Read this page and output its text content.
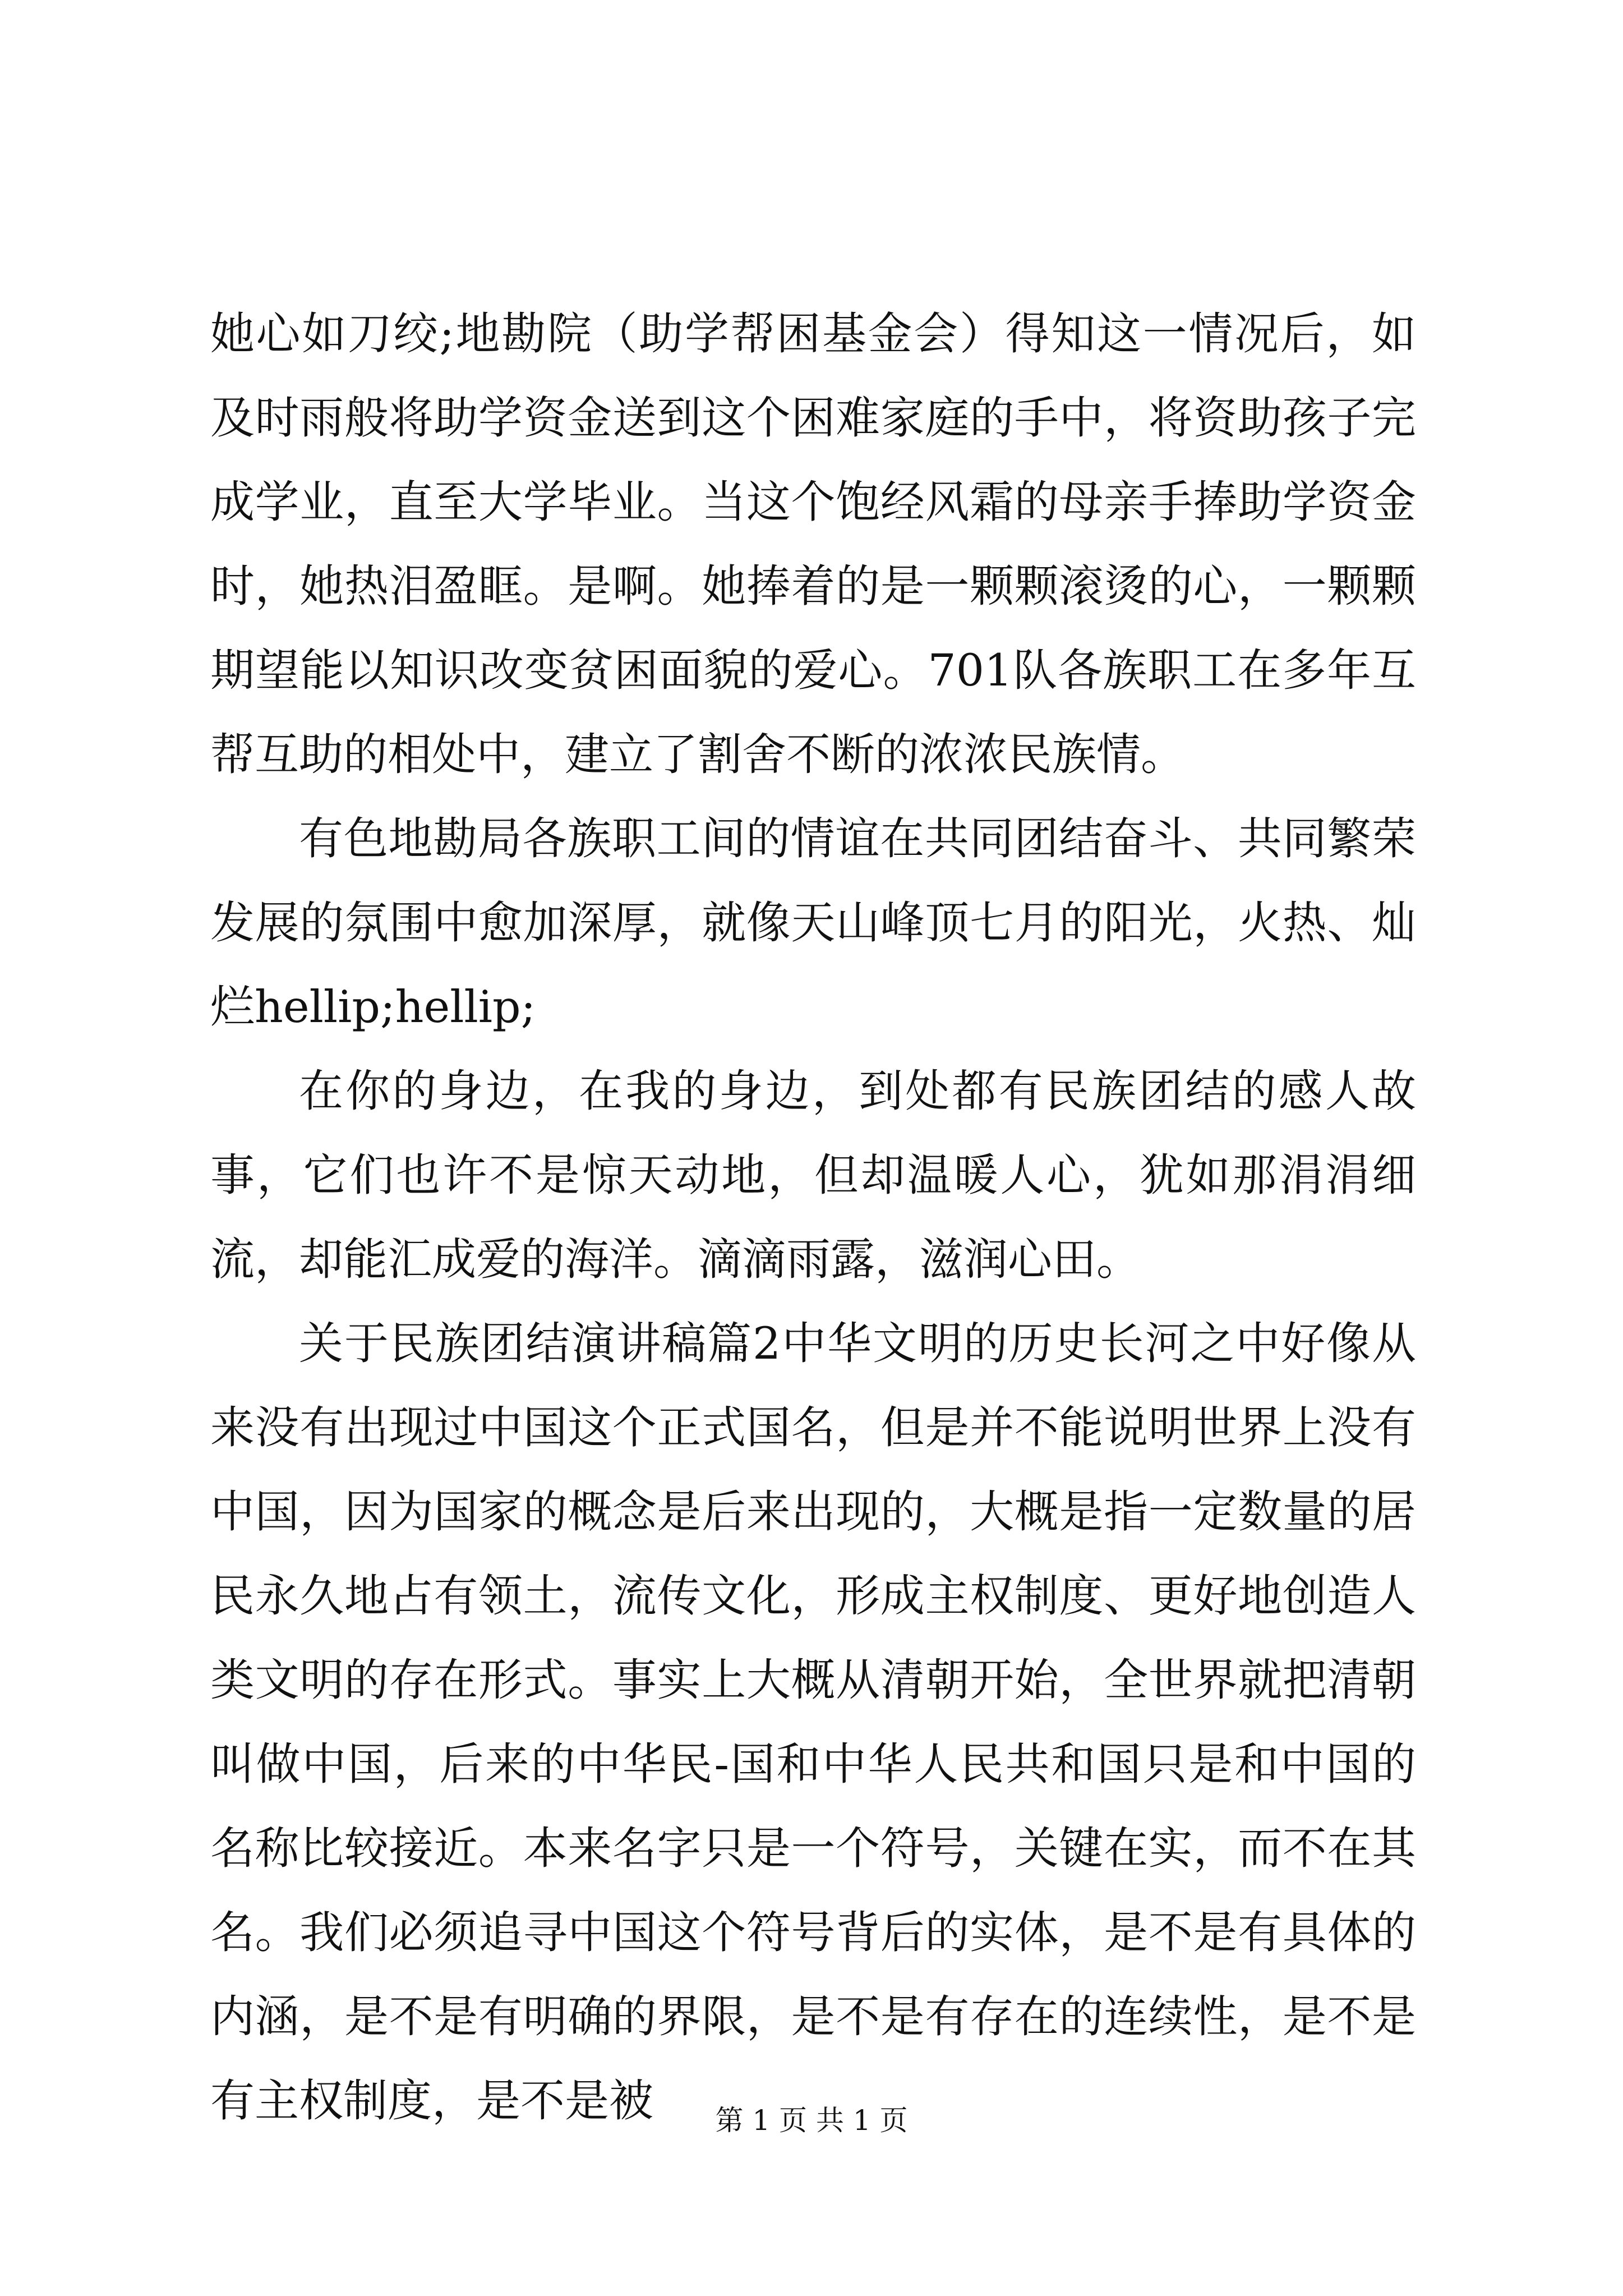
她心如刀绞;地勘院（助学帮困基金会）得知这一情况后，如及时雨般将助学资金送到这个困难家庭的手中，将资助孩子完成学业，直至大学毕业。当这个饱经风霜的母亲手捧助学资金时，她热泪盈眶。是啊。她捧着的是一颗颗滚烫的心，一颗颗期望能以知识改变贫困面貌的爱心。701队各族职工在多年互帮互助的相处中，建立了割舍不断的浓浓民族情。

有色地勘局各族职工间的情谊在共同团结奋斗、共同繁荣发展的氛围中愈加深厚，就像天山峰顶七月的阳光，火热、灿烂hellip;hellip;

在你的身边，在我的身边，到处都有民族团结的感人故事，它们也许不是惊天动地，但却温暖人心，犹如那涓涓细流，却能汇成爱的海洋。滴滴雨露，滋润心田。

关于民族团结演讲稿篇2中华文明的历史长河之中好像从来没有出现过中国这个正式国名，但是并不能说明世界上没有中国，因为国家的概念是后来出现的，大概是指一定数量的居民永久地占有领土，流传文化，形成主权制度、更好地创造人类文明的存在形式。事实上大概从清朝开始，全世界就把清朝叫做中国，后来的中华民-国和中华人民共和国只是和中国的名称比较接近。本来名字只是一个符号，关键在实，而不在其名。我们必须追寻中国这个符号背后的实体，是不是有具体的内涵，是不是有明确的界限，是不是有存在的连续性，是不是有主权制度，是不是被	第 1 页 共 1 页
